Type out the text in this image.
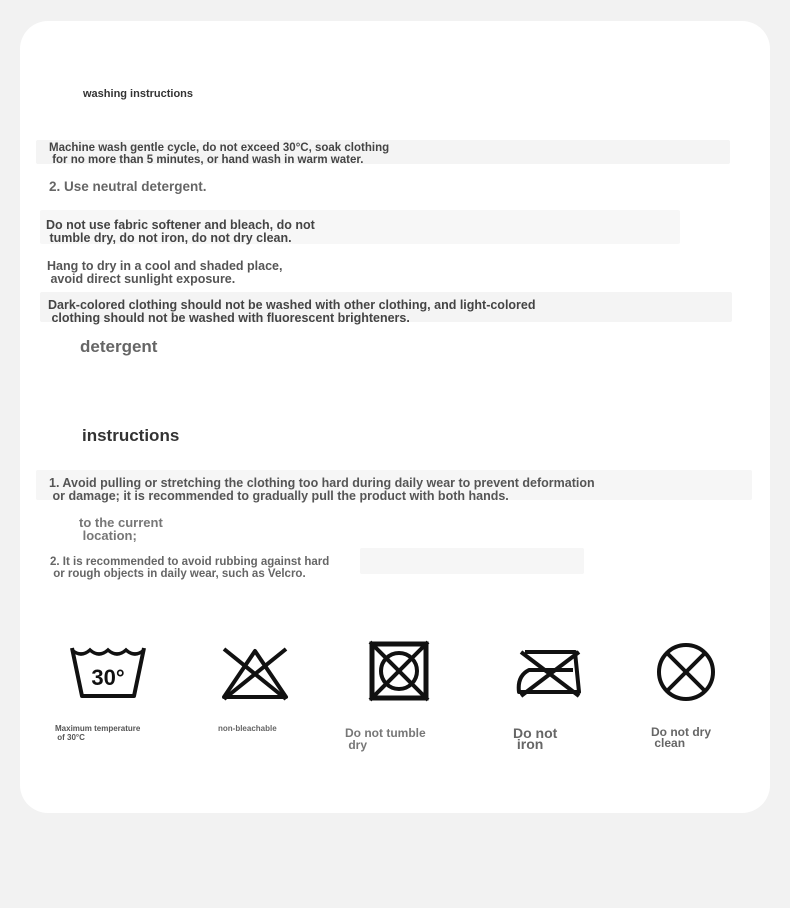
washing instructions

Machine wash gentle cycle, do not exceed 30°C, soak clothing
for no more than 5 minutes, or hand wash in warm water.

2. Use neutral detergent.

Do not use fabric softener and bleach, do not
tumble dry, do not iron, do not dry clean.

Hang to dry in a cool and shaded place,
avoid direct sunlight exposure.

Dark-colored clothing should not be washed with other clothing, and light-colored
clothing should not be washed with fluorescent brighteners.

detergent

instructions

1. Avoid pulling or stretching the clothing too hard during daily wear to prevent deformation
or damage; it is recommended to gradually pull the product with both hands.

to the current
location;

2. It is recommended to avoid rubbing against hard
or rough objects in daily wear, such as Velcro.

30°

Maximum temperature
of 30°C

non-bleachable	Do not tumble
dry

Do not
iron

Do not dry
clean
